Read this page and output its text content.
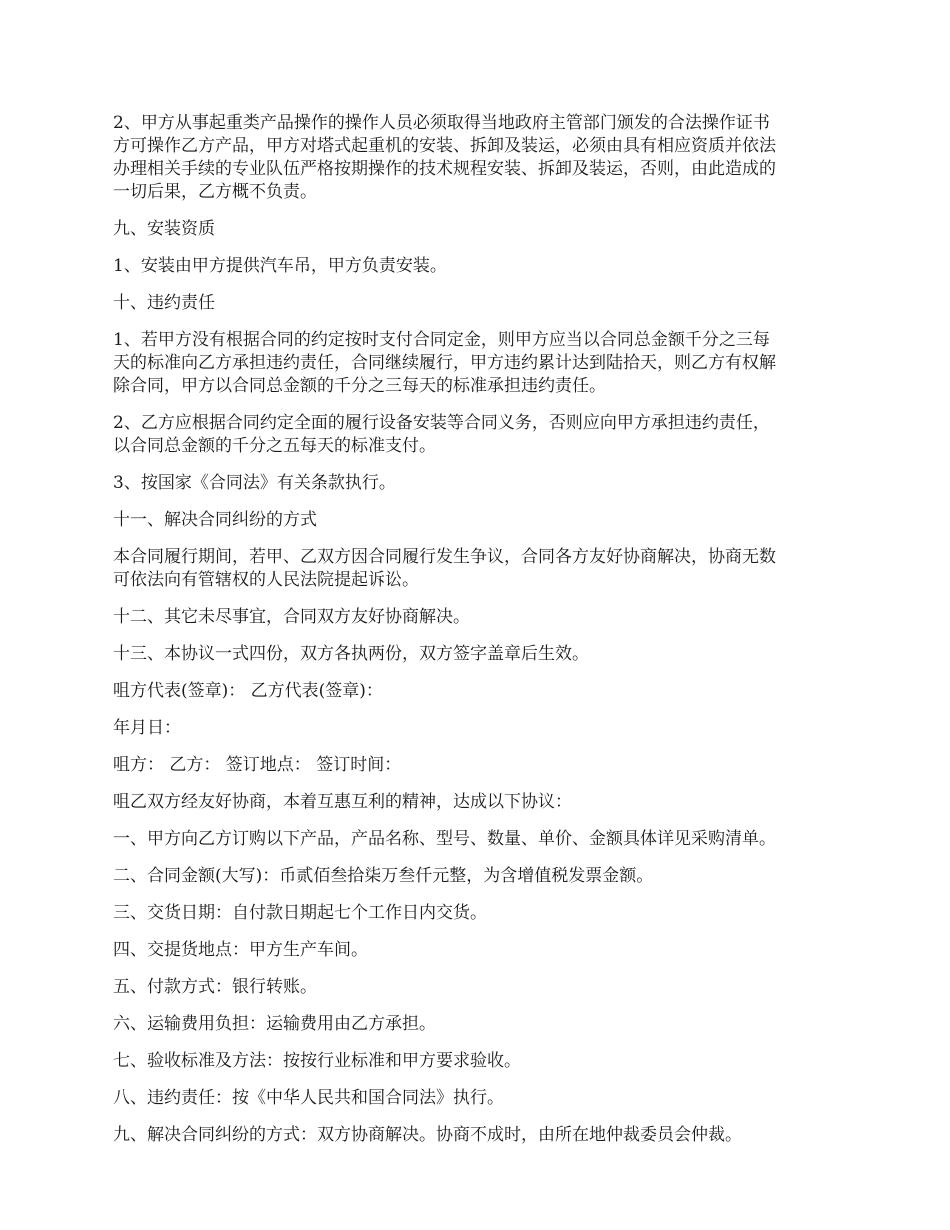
2、甲方从事起重类产品操作的操作人员必须取得当地政府主管部门颁发的合法操作证书
方可操作乙方产品，甲方对塔式起重机的安装、拆卸及装运，必须由具有相应资质并依法
办理相关手续的专业队伍严格按期操作的技术规程安装、拆卸及装运，否则，由此造成的
一切后果，乙方概不负责。

九、安装资质

1、安装由甲方提供汽车吊，甲方负责安装。

十、违约责任

1、若甲方没有根据合同的约定按时支付合同定金，则甲方应当以合同总金额千分之三每
天的标准向乙方承担违约责任，合同继续履行，甲方违约累计达到陆拾天，则乙方有权解
除合同，甲方以合同总金额的千分之三每天的标准承担违约责任。

2、乙方应根据合同约定全面的履行设备安装等合同义务，否则应向甲方承担违约责任，
以合同总金额的千分之五每天的标准支付。

3、按国家《合同法》有关条款执行。

十一、解决合同纠纷的方式

本合同履行期间，若甲、乙双方因合同履行发生争议，合同各方友好协商解决，协商无数
可依法向有管辖权的人民法院提起诉讼。

十二、其它未尽事宜，合同双方友好协商解决。

十三、本协议一式四份，双方各执两份，双方签字盖章后生效。

咀方代表(签章)： 乙方代表(签章)：

年月日：

咀方： 乙方： 签订地点： 签订时间：

咀乙双方经友好协商，本着互惠互利的精神，达成以下协议：

一、甲方向乙方订购以下产品，产品名称、型号、数量、单价、金额具体详见采购清单。

二、合同金额(大写)：币贰佰叁拾柒万叁仟元整，为含增值税发票金额。

三、交货日期：自付款日期起七个工作日内交货。

四、交提货地点：甲方生产车间。

五、付款方式：银行转账。

六、运输费用负担：运输费用由乙方承担。

七、验收标准及方法：按按行业标准和甲方要求验收。

八、违约责任：按《中华人民共和国合同法》执行。

九、解决合同纠纷的方式：双方协商解决。协商不成时，由所在地仲裁委员会仲裁。
